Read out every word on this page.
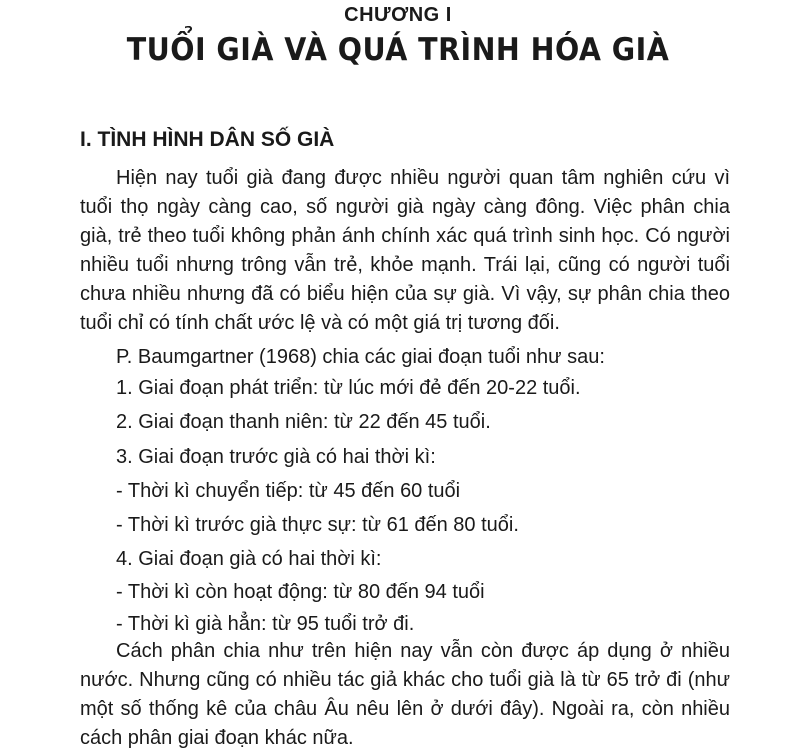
CHƯƠNG I
TUỔI GIÀ VÀ QUÁ TRÌNH HÓA GIÀ
I. TÌNH HÌNH DÂN SỐ GIÀ
Hiện nay tuổi già đang được nhiều người quan tâm nghiên cứu vì tuổi thọ ngày càng cao, số người già ngày càng đông. Việc phân chia già, trẻ theo tuổi không phản ánh chính xác quá trình sinh học. Có người nhiều tuổi nhưng trông vẫn trẻ, khỏe mạnh. Trái lại, cũng có người tuổi chưa nhiều nhưng đã có biểu hiện của sự già. Vì vậy, sự phân chia theo tuổi chỉ có tính chất ước lệ và có một giá trị tương đối.
P. Baumgartner (1968) chia các giai đoạn tuổi như sau:
1. Giai đoạn phát triển: từ lúc mới đẻ đến 20-22 tuổi.
2. Giai đoạn thanh niên: từ 22 đến 45 tuổi.
3. Giai đoạn trước già có hai thời kì:
- Thời kì chuyển tiếp: từ 45 đến 60 tuổi
- Thời kì trước già thực sự: từ 61 đến 80 tuổi.
4. Giai đoạn già có hai thời kì:
- Thời kì còn hoạt động: từ 80 đến 94 tuổi
- Thời kì già hẳn: từ 95 tuổi trở đi.
Cách phân chia như trên hiện nay vẫn còn được áp dụng ở nhiều nước. Nhưng cũng có nhiều tác giả khác cho tuổi già là từ 65 trở đi (như một số thống kê của châu Âu nêu lên ở dưới đây). Ngoài ra, còn nhiều cách phân giai đoạn khác nữa.
